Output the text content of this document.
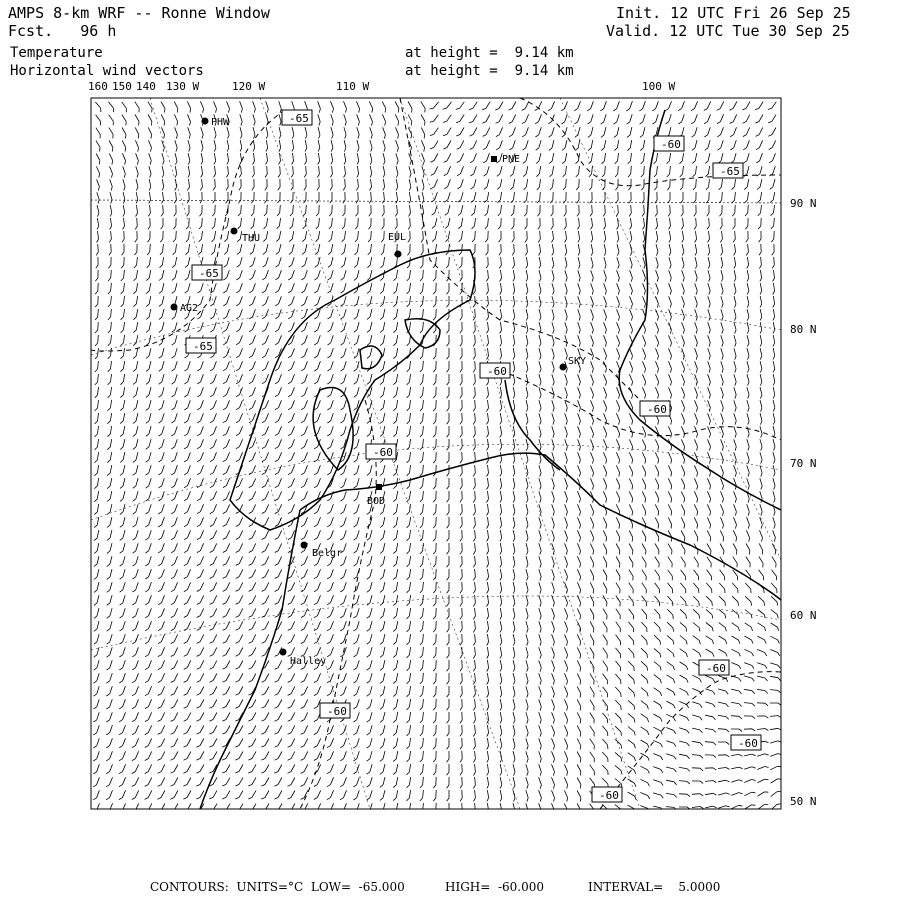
AMPS 8-km WRF -- Ronne Window
Fcst.   96 h
Init. 12 UTC Fri 26 Sep 25
Valid. 12 UTC Tue 30 Sep 25
Temperature
Horizontal wind vectors
at height =  9.14 km
at height =  9.14 km
160 150 140 130 W	120 W	110 W	100 W
90 N
80 N
70 N
60 N
50 N
PHW
PNE
THU	EUL
AG2
SKY
BOD
Belgr
Halley
-65
-65
-65
-65
-60
-60
-60
-60
-60
-60
-60
-60
CONTOURS:  UNITS=°C  LOW=  -65.000	HIGH=  -60.000	INTERVAL=    5.0000
